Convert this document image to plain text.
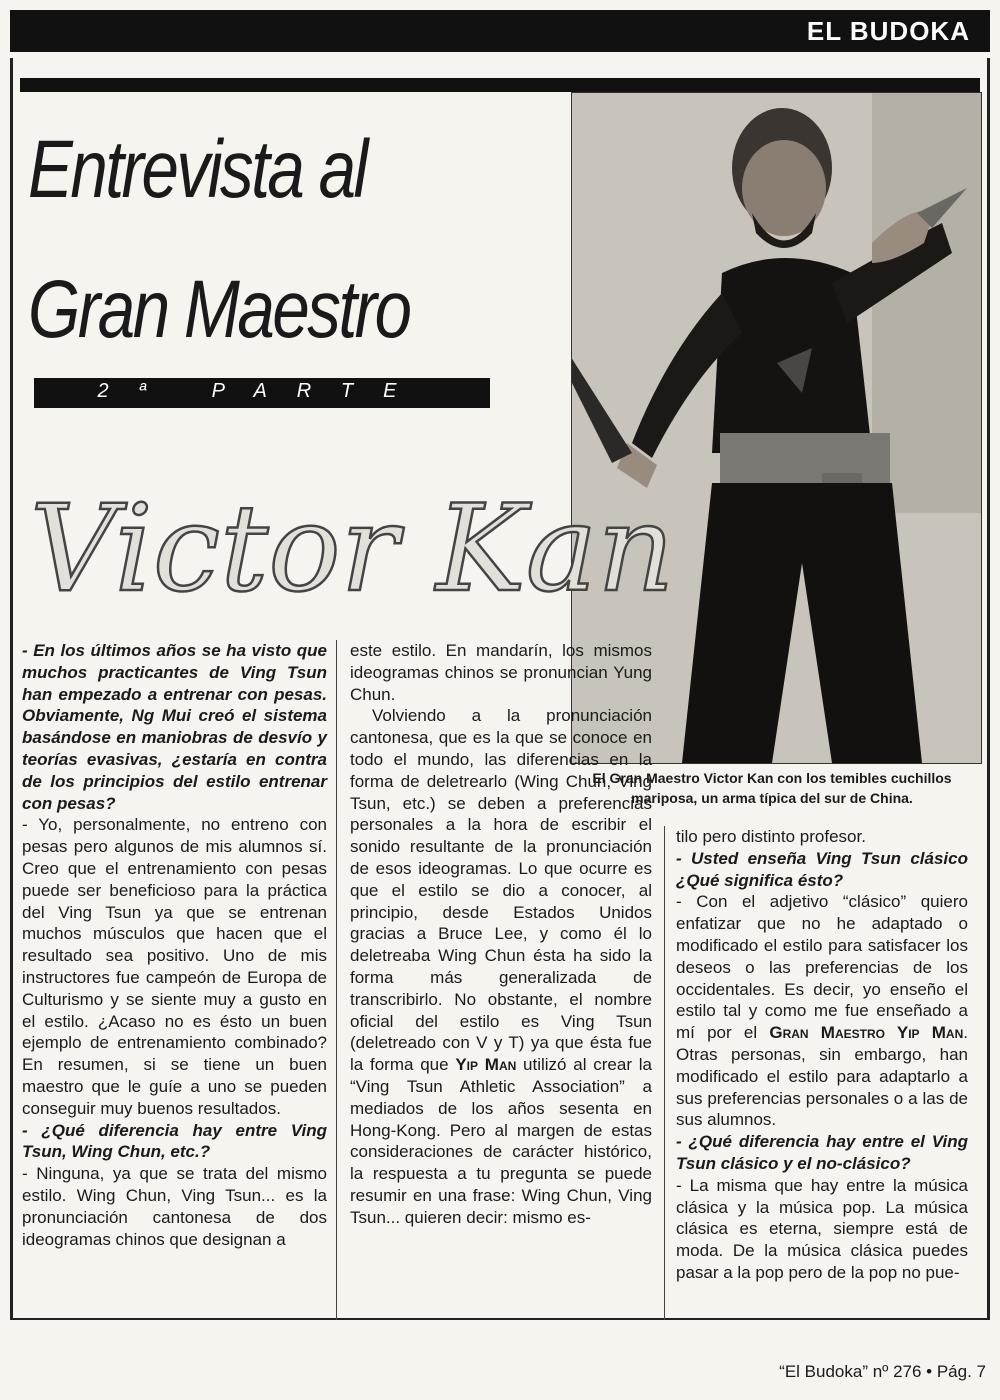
EL BUDOKA
Entrevista al
Gran Maestro
2ª PARTE
Victor Kan
El Gran Maestro Victor Kan con los temibles cuchillos mariposa, un arma típica del sur de China.

- En los últimos años se ha visto que muchos practicantes de Ving Tsun han empezado a entrenar con pesas. Obviamente, Ng Mui creó el sistema basándose en maniobras de desvío y teorías evasivas, ¿estaría en contra de los principios del estilo entrenar con pesas?

- Yo, personalmente, no entreno con pesas pero algunos de mis alumnos sí. Creo que el entrenamiento con pesas puede ser beneficioso para la práctica del Ving Tsun ya que se entrenan muchos músculos que hacen que el resultado sea positivo. Uno de mis instructores fue campeón de Europa de Culturismo y se siente muy a gusto en el estilo. ¿Acaso no es ésto un buen ejemplo de entrenamiento combinado? En resumen, si se tiene un buen maestro que le guíe a uno se pueden conseguir muy buenos resultados.

- ¿Qué diferencia hay entre Ving Tsun, Wing Chun, etc.?

- Ninguna, ya que se trata del mismo estilo. Wing Chun, Ving Tsun... es la pronunciación cantonesa de dos ideogramas chinos que designan a

este estilo. En mandarín, los mismos ideogramas chinos se pronuncian Yung Chun.

Volviendo a la pronunciación cantonesa, que es la que se conoce en todo el mundo, las diferencias en la forma de deletrearlo (Wing Chun, Ving Tsun, etc.) se deben a preferencias personales a la hora de escribir el sonido resultante de la pronunciación de esos ideogramas. Lo que ocurre es que el estilo se dio a conocer, al principio, desde Estados Unidos gracias a Bruce Lee, y como él lo deletreaba Wing Chun ésta ha sido la forma más generalizada de transcribirlo. No obstante, el nombre oficial del estilo es Ving Tsun (deletreado con V y T) ya que ésta fue la forma que Yip Man utilizó al crear la “Ving Tsun Athletic Association” a mediados de los años sesenta en Hong-Kong. Pero al margen de estas consideraciones de carácter histórico, la respuesta a tu pregunta se puede resumir en una frase: Wing Chun, Ving Tsun... quieren decir: mismo es-

tilo pero distinto profesor.

- Usted enseña Ving Tsun clásico ¿Qué significa ésto?

- Con el adjetivo “clásico” quiero enfatizar que no he adaptado o modificado el estilo para satisfacer los deseos o las preferencias de los occidentales. Es decir, yo enseño el estilo tal y como me fue enseñado a mí por el Gran Maestro Yip Man. Otras personas, sin embargo, han modificado el estilo para adaptarlo a sus preferencias personales o a las de sus alumnos.

- ¿Qué diferencia hay entre el Ving Tsun clásico y el no-clásico?

- La misma que hay entre la música clásica y la música pop. La música clásica es eterna, siempre está de moda. De la música clásica puedes pasar a la pop pero de la pop no pue-

“El Budoka” nº 276 • Pág. 7
